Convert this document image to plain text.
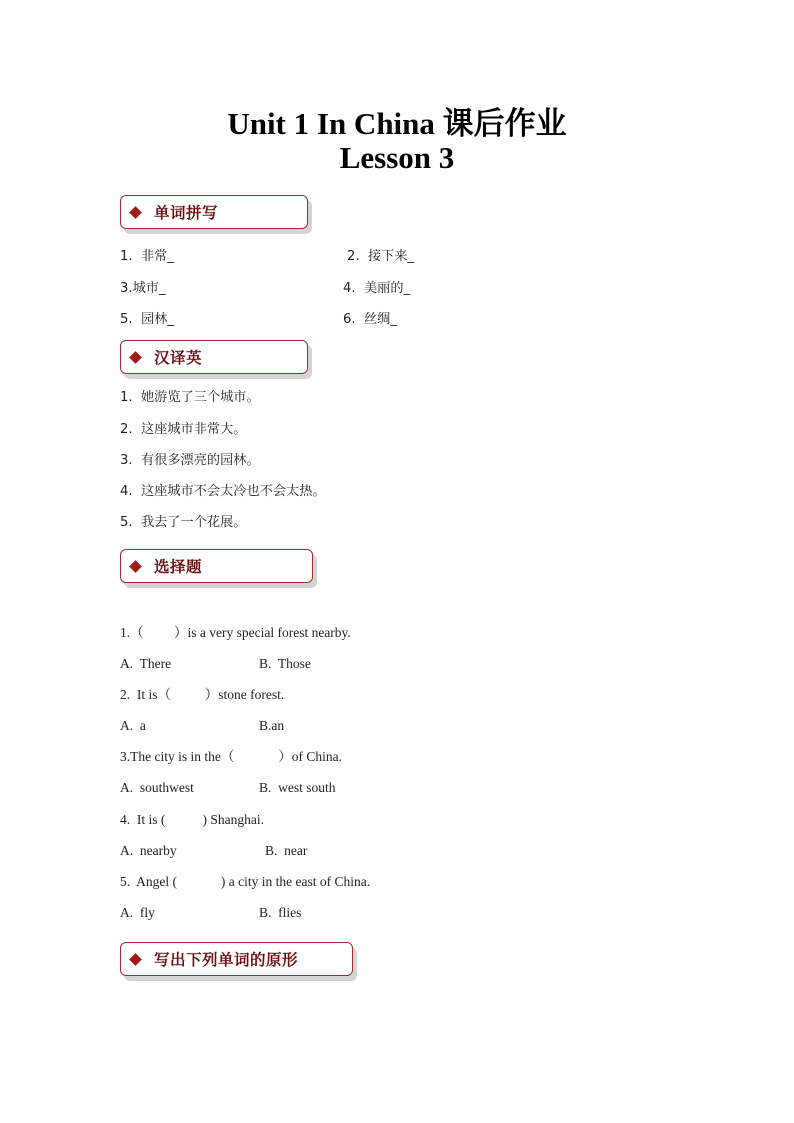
Unit 1 In China 课后作业
Lesson 3
单词拼写
1.  非常_	2.  接下来_
3.城市_	4.  美丽的_
5.  园林_	6.  丝绸_
汉译英
1.  她游览了三个城市。
2.  这座城市非常大。
3.  有很多漂亮的园林。
4.  这座城市不会太冷也不会太热。
5.  我去了一个花展。
选择题
1.（         ）is a very special forest nearby.
A.  There	B.  Those
2.  It is（          ）stone forest.
A.  a	B.an
3.The city is in the（             ）of China.
A.  southwest	B.  west south
4.  It is (           ) Shanghai.
A.  nearby	B.  near
5.  Angel (             ) a city in the east of China.
A.  fly	B.  flies
写出下列单词的原形
